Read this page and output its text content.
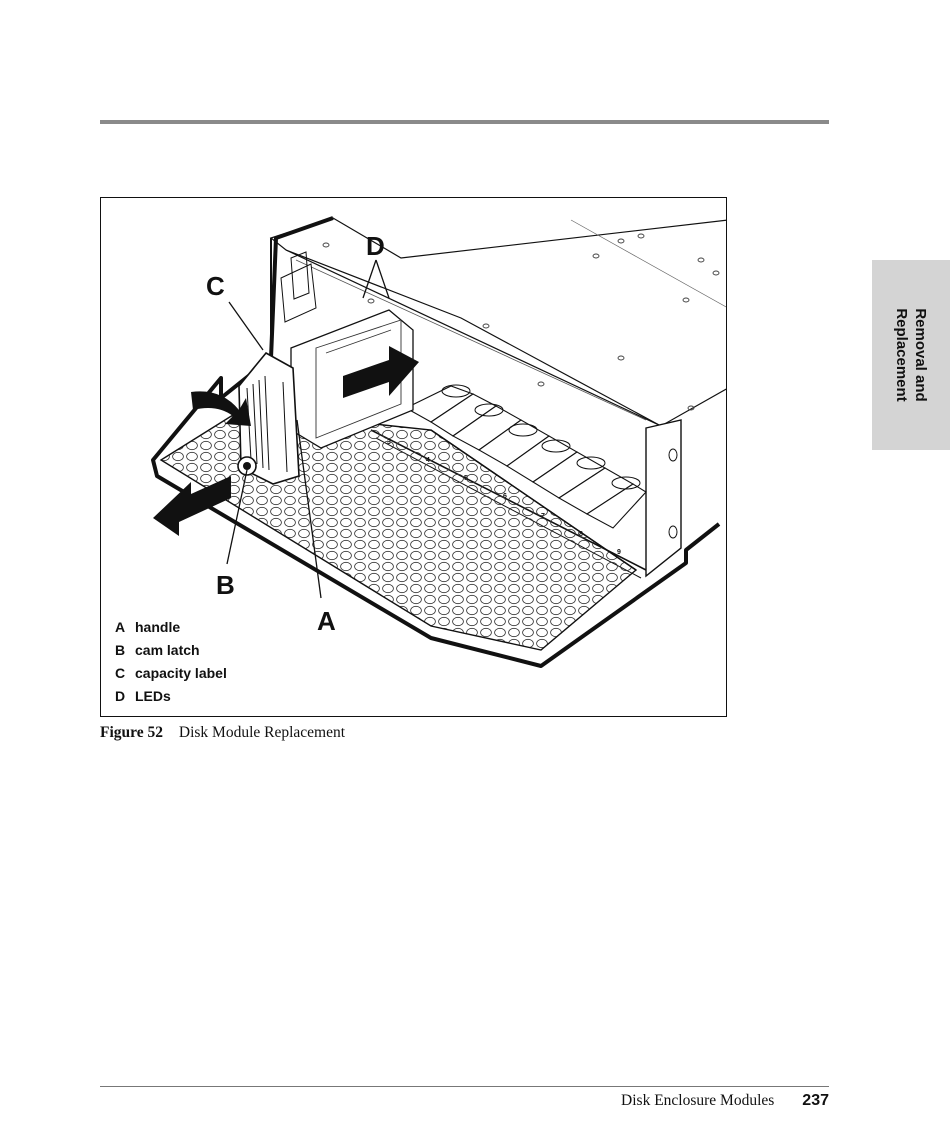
Removal and
Replacement
9
C
D
B
A
A handle
B cam latch
C capacity label
D LEDs
Figure 52 Disk Module Replacement
Disk Enclosure Modules 237
